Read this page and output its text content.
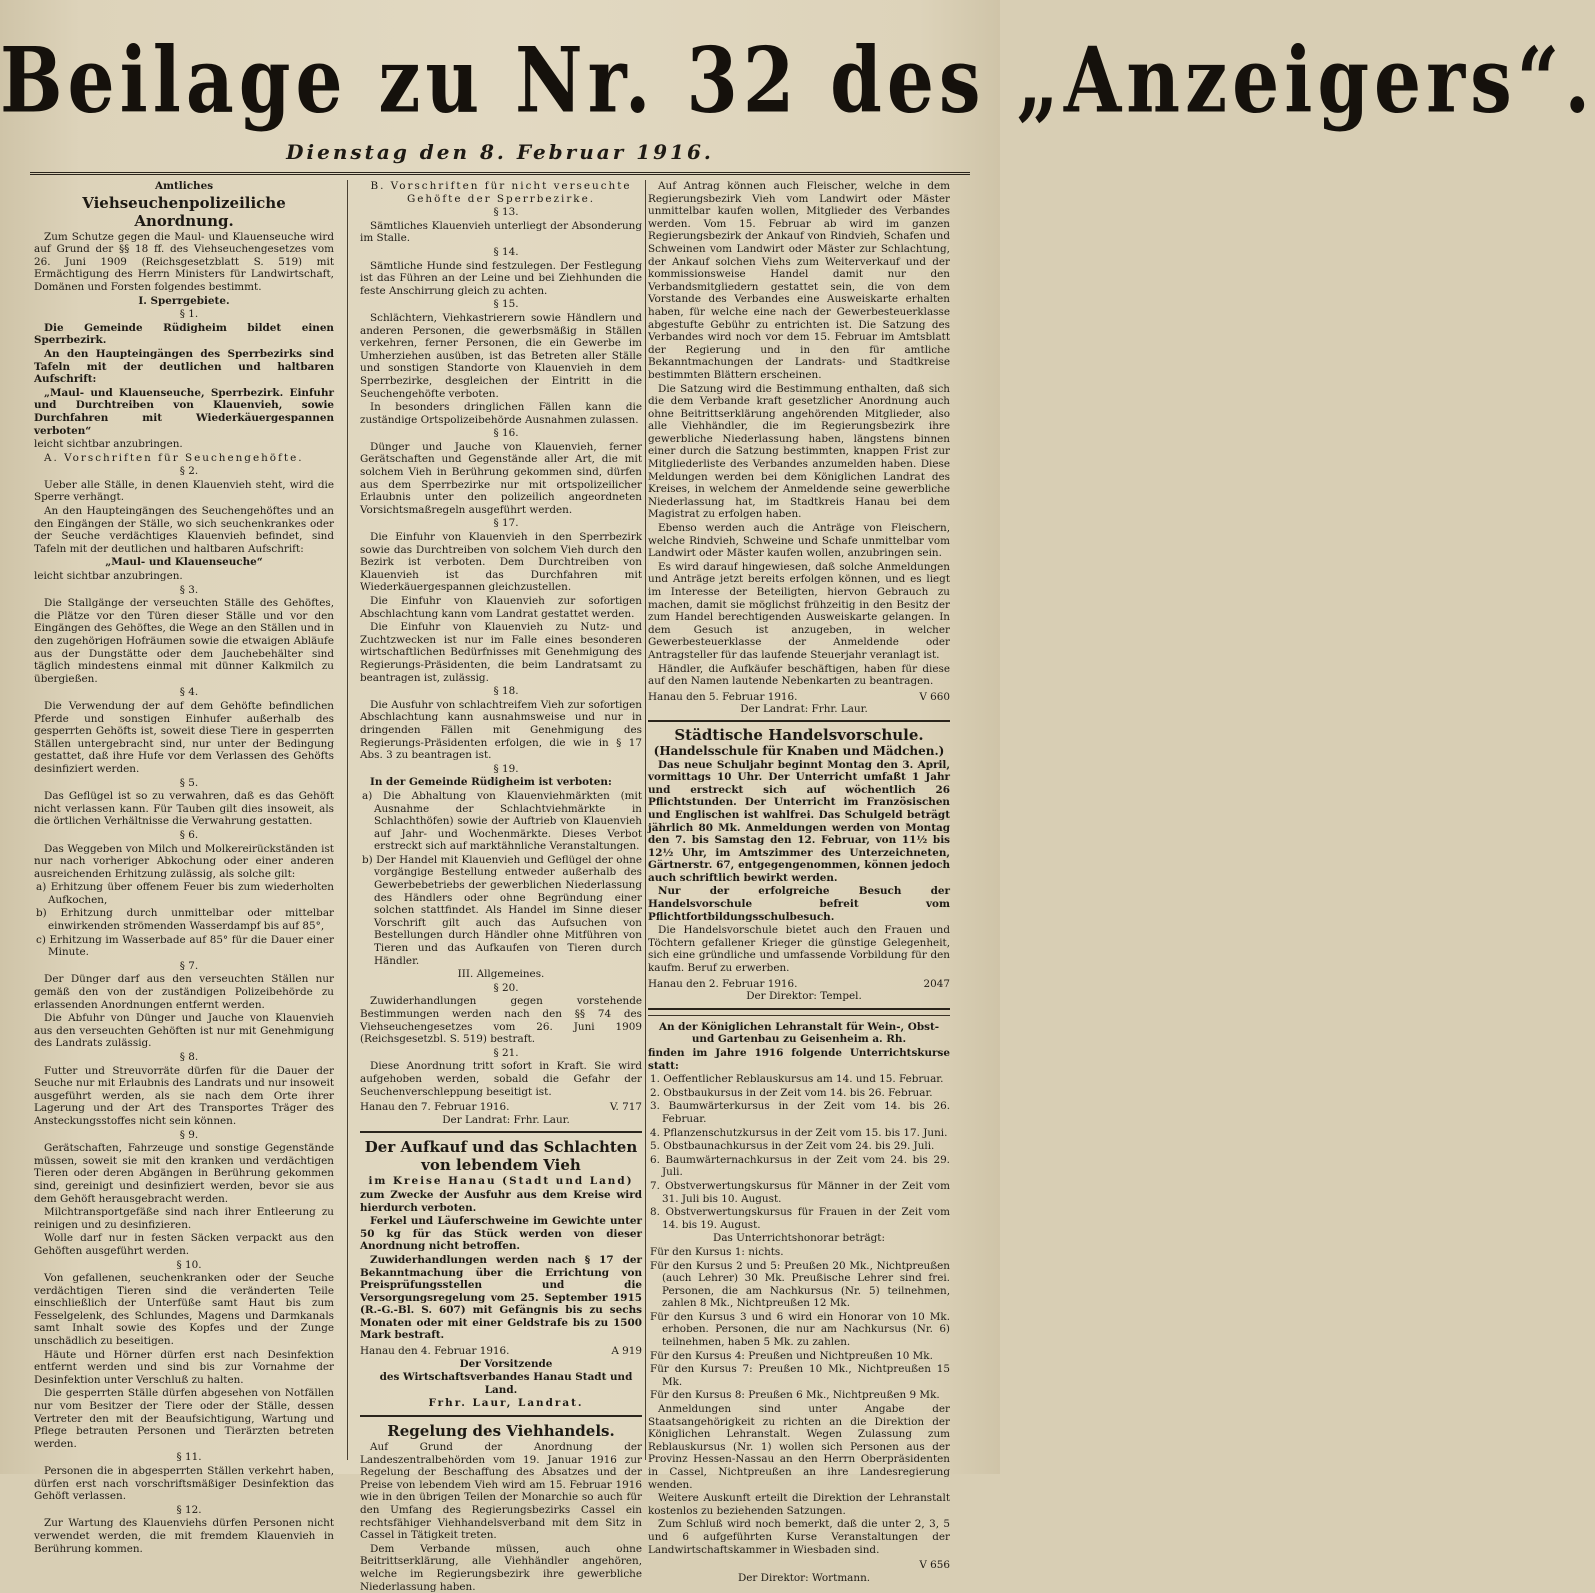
Beilage zu Nr. 32 des „Anzeigers“.
Dienstag den 8. Februar 1916.

Amtliches

Viehseuchenpolizeiliche Anordnung.

Zum Schutze gegen die Maul- und Klauenseuche wird auf Grund der §§ 18 ff. des Viehseuchengesetzes vom 26. Juni 1909 (Reichsgesetzblatt S. 519) mit Ermächtigung des Herrn Ministers für Landwirtschaft, Domänen und Forsten folgendes bestimmt.

I. Sperrgebiete.

§ 1.

Die Gemeinde Rüdigheim bildet einen Sperrbezirk.

An den Haupteingängen des Sperrbezirks sind Tafeln mit der deutlichen und haltbaren Aufschrift:

„Maul- und Klauenseuche, Sperrbezirk. Einfuhr und Durchtreiben von Klauenvieh, sowie Durchfahren mit Wiederkäuergespannen verboten“

leicht sichtbar anzubringen.

A. Vorschriften für Seuchengehöfte.

§ 2.

Ueber alle Ställe, in denen Klauenvieh steht, wird die Sperre verhängt.

An den Haupteingängen des Seuchengehöftes und an den Eingängen der Ställe, wo sich seuchenkrankes oder der Seuche verdächtiges Klauenvieh befindet, sind Tafeln mit der deutlichen und haltbaren Aufschrift:

„Maul- und Klauenseuche“

leicht sichtbar anzubringen.

§ 3.

Die Stallgänge der verseuchten Ställe des Gehöftes, die Plätze vor den Türen dieser Ställe und vor den Eingängen des Gehöftes, die Wege an den Ställen und in den zugehörigen Hofräumen sowie die etwaigen Abläufe aus der Dungstätte oder dem Jauchebehälter sind täglich mindestens einmal mit dünner Kalkmilch zu übergießen.

§ 4.

Die Verwendung der auf dem Gehöfte befindlichen Pferde und sonstigen Einhufer außerhalb des gesperrten Gehöfts ist, soweit diese Tiere in gesperrten Ställen untergebracht sind, nur unter der Bedingung gestattet, daß ihre Hufe vor dem Verlassen des Gehöfts desinfiziert werden.

§ 5.

Das Geflügel ist so zu verwahren, daß es das Gehöft nicht verlassen kann. Für Tauben gilt dies insoweit, als die örtlichen Verhältnisse die Verwahrung gestatten.

§ 6.

Das Weggeben von Milch und Molkereirückständen ist nur nach vorheriger Abkochung oder einer anderen ausreichenden Erhitzung zulässig, als solche gilt:

a) Erhitzung über offenem Feuer bis zum wiederholten Aufkochen,

b) Erhitzung durch unmittelbar oder mittelbar einwirkenden strömenden Wasserdampf bis auf 85°,

c) Erhitzung im Wasserbade auf 85° für die Dauer einer Minute.

§ 7.

Der Dünger darf aus den verseuchten Ställen nur gemäß den von der zuständigen Polizeibehörde zu erlassenden Anordnungen entfernt werden.

Die Abfuhr von Dünger und Jauche von Klauenvieh aus den verseuchten Gehöften ist nur mit Genehmigung des Landrats zulässig.

§ 8.

Futter und Streuvorräte dürfen für die Dauer der Seuche nur mit Erlaubnis des Landrats und nur insoweit ausgeführt werden, als sie nach dem Orte ihrer Lagerung und der Art des Transportes Träger des Ansteckungsstoffes nicht sein können.

§ 9.

Gerätschaften, Fahrzeuge und sonstige Gegenstände müssen, soweit sie mit den kranken und verdächtigen Tieren oder deren Abgängen in Berührung gekommen sind, gereinigt und desinfiziert werden, bevor sie aus dem Gehöft herausgebracht werden.

Milchtransportgefäße sind nach ihrer Entleerung zu reinigen und zu desinfizieren.

Wolle darf nur in festen Säcken verpackt aus den Gehöften ausgeführt werden.

§ 10.

Von gefallenen, seuchenkranken oder der Seuche verdächtigen Tieren sind die veränderten Teile einschließlich der Unterfüße samt Haut bis zum Fesselgelenk, des Schlundes, Magens und Darmkanals samt Inhalt sowie des Kopfes und der Zunge unschädlich zu beseitigen.

Häute und Hörner dürfen erst nach Desinfektion entfernt werden und sind bis zur Vornahme der Desinfektion unter Verschluß zu halten.

Die gesperrten Ställe dürfen abgesehen von Notfällen nur vom Besitzer der Tiere oder der Ställe, dessen Vertreter den mit der Beaufsichtigung, Wartung und Pflege betrauten Personen und Tierärzten betreten werden.

§ 11.

Personen die in abgesperrten Ställen verkehrt haben, dürfen erst nach vorschriftsmäßiger Desinfektion das Gehöft verlassen.

§ 12.

Zur Wartung des Klauenviehs dürfen Personen nicht verwendet werden, die mit fremdem Klauenvieh in Berührung kommen.

B. Vorschriften für nicht verseuchte Gehöfte der Sperrbezirke.

§ 13.

Sämtliches Klauenvieh unterliegt der Absonderung im Stalle.

§ 14.

Sämtliche Hunde sind festzulegen. Der Festlegung ist das Führen an der Leine und bei Ziehhunden die feste Anschirrung gleich zu achten.

§ 15.

Schlächtern, Viehkastrierern sowie Händlern und anderen Personen, die gewerbsmäßig in Ställen verkehren, ferner Personen, die ein Gewerbe im Umherziehen ausüben, ist das Betreten aller Ställe und sonstigen Standorte von Klauenvieh in dem Sperrbezirke, desgleichen der Eintritt in die Seuchengehöfte verboten.

In besonders dringlichen Fällen kann die zuständige Ortspolizeibehörde Ausnahmen zulassen.

§ 16.

Dünger und Jauche von Klauenvieh, ferner Gerätschaften und Gegenstände aller Art, die mit solchem Vieh in Berührung gekommen sind, dürfen aus dem Sperrbezirke nur mit ortspolizeilicher Erlaubnis unter den polizeilich angeordneten Vorsichtsmaßregeln ausgeführt werden.

§ 17.

Die Einfuhr von Klauenvieh in den Sperrbezirk sowie das Durchtreiben von solchem Vieh durch den Bezirk ist verboten. Dem Durchtreiben von Klauenvieh ist das Durchfahren mit Wiederkäuergespannen gleichzustellen.

Die Einfuhr von Klauenvieh zur sofortigen Abschlachtung kann vom Landrat gestattet werden.

Die Einfuhr von Klauenvieh zu Nutz- und Zuchtzwecken ist nur im Falle eines besonderen wirtschaftlichen Bedürfnisses mit Genehmigung des Regierungs-Präsidenten, die beim Landratsamt zu beantragen ist, zulässig.

§ 18.

Die Ausfuhr von schlachtreifem Vieh zur sofortigen Abschlachtung kann ausnahmsweise und nur in dringenden Fällen mit Genehmigung des Regierungs-Präsidenten erfolgen, die wie in § 17 Abs. 3 zu beantragen ist.

§ 19.

In der Gemeinde Rüdigheim ist verboten:

a) Die Abhaltung von Klauenviehmärkten (mit Ausnahme der Schlachtviehmärkte in Schlachthöfen) sowie der Auftrieb von Klauenvieh auf Jahr- und Wochenmärkte. Dieses Verbot erstreckt sich auf marktähnliche Veranstaltungen.

b) Der Handel mit Klauenvieh und Geflügel der ohne vorgängige Bestellung entweder außerhalb des Gewerbebetriebs der gewerblichen Niederlassung des Händlers oder ohne Begründung einer solchen stattfindet. Als Handel im Sinne dieser Vorschrift gilt auch das Aufsuchen von Bestellungen durch Händler ohne Mitführen von Tieren und das Aufkaufen von Tieren durch Händler.

III. Allgemeines.

§ 20.

Zuwiderhandlungen gegen vorstehende Bestimmungen werden nach den §§ 74 des Viehseuchengesetzes vom 26. Juni 1909 (Reichsgesetzbl. S. 519) bestraft.

§ 21.

Diese Anordnung tritt sofort in Kraft. Sie wird aufgehoben werden, sobald die Gefahr der Seuchenverschleppung beseitigt ist.

Hanau den 7. Februar 1916.	V. 717

Der Landrat: Frhr. Laur.

Der Aufkauf und das Schlachten von lebendem Vieh

im Kreise Hanau (Stadt und Land)

zum Zwecke der Ausfuhr aus dem Kreise wird hierdurch verboten.

Ferkel und Läuferschweine im Gewichte unter 50 kg für das Stück werden von dieser Anordnung nicht betroffen.

Zuwiderhandlungen werden nach § 17 der Bekanntmachung über die Errichtung von Preisprüfungsstellen und die Versorgungsregelung vom 25. September 1915 (R.-G.-Bl. S. 607) mit Gefängnis bis zu sechs Monaten oder mit einer Geldstrafe bis zu 1500 Mark bestraft.

Hanau den 4. Februar 1916.	A 919

Der Vorsitzende

des Wirtschaftsverbandes Hanau Stadt und Land.

Frhr. Laur, Landrat.

Regelung des Viehhandels.

Auf Grund der Anordnung der Landeszentralbehörden vom 19. Januar 1916 zur Regelung der Beschaffung des Absatzes und der Preise von lebendem Vieh wird am 15. Februar 1916 wie in den übrigen Teilen der Monarchie so auch für den Umfang des Regierungsbezirks Cassel ein rechtsfähiger Viehhandelsverband mit dem Sitz in Cassel in Tätigkeit treten.

Dem Verbande müssen, auch ohne Beitrittserklärung, alle Viehhändler angehören, welche im Regierungsbezirk ihre gewerbliche Niederlassung haben.

Auf Antrag können auch Fleischer, welche in dem Regierungsbezirk Vieh vom Landwirt oder Mäster unmittelbar kaufen wollen, Mitglieder des Verbandes werden. Vom 15. Februar ab wird im ganzen Regierungsbezirk der Ankauf von Rindvieh, Schafen und Schweinen vom Landwirt oder Mäster zur Schlachtung, der Ankauf solchen Viehs zum Weiterverkauf und der kommissionsweise Handel damit nur den Verbandsmitgliedern gestattet sein, die von dem Vorstande des Verbandes eine Ausweiskarte erhalten haben, für welche eine nach der Gewerbesteuerklasse abgestufte Gebühr zu entrichten ist. Die Satzung des Verbandes wird noch vor dem 15. Februar im Amtsblatt der Regierung und in den für amtliche Bekanntmachungen der Landrats- und Stadtkreise bestimmten Blättern erscheinen.

Die Satzung wird die Bestimmung enthalten, daß sich die dem Verbande kraft gesetzlicher Anordnung auch ohne Beitrittserklärung angehörenden Mitglieder, also alle Viehhändler, die im Regierungsbezirk ihre gewerbliche Niederlassung haben, längstens binnen einer durch die Satzung bestimmten, knappen Frist zur Mitgliederliste des Verbandes anzumelden haben. Diese Meldungen werden bei dem Königlichen Landrat des Kreises, in welchem der Anmeldende seine gewerbliche Niederlassung hat, im Stadtkreis Hanau bei dem Magistrat zu erfolgen haben.

Ebenso werden auch die Anträge von Fleischern, welche Rindvieh, Schweine und Schafe unmittelbar vom Landwirt oder Mäster kaufen wollen, anzubringen sein.

Es wird darauf hingewiesen, daß solche Anmeldungen und Anträge jetzt bereits erfolgen können, und es liegt im Interesse der Beteiligten, hiervon Gebrauch zu machen, damit sie möglichst frühzeitig in den Besitz der zum Handel berechtigenden Ausweiskarte gelangen. In dem Gesuch ist anzugeben, in welcher Gewerbesteuerklasse der Anmeldende oder Antragsteller für das laufende Steuerjahr veranlagt ist.

Händler, die Aufkäufer beschäftigen, haben für diese auf den Namen lautende Nebenkarten zu beantragen.

Hanau den 5. Februar 1916.	V 660

Der Landrat: Frhr. Laur.

Städtische Handelsvorschule.

(Handelsschule für Knaben und Mädchen.)

Das neue Schuljahr beginnt Montag den 3. April, vormittags 10 Uhr. Der Unterricht umfaßt 1 Jahr und erstreckt sich auf wöchentlich 26 Pflichtstunden. Der Unterricht im Französischen und Englischen ist wahlfrei. Das Schulgeld beträgt jährlich 80 Mk. Anmeldungen werden von Montag den 7. bis Samstag den 12. Februar, von 11½ bis 12½ Uhr, im Amtszimmer des Unterzeichneten, Gärtnerstr. 67, entgegengenommen, können jedoch auch schriftlich bewirkt werden.

Nur der erfolgreiche Besuch der Handelsvorschule befreit vom Pflichtfortbildungsschulbesuch.

Die Handelsvorschule bietet auch den Frauen und Töchtern gefallener Krieger die günstige Gelegenheit, sich eine gründliche und umfassende Vorbildung für den kaufm. Beruf zu erwerben.

Hanau den 2. Februar 1916.	2047

Der Direktor: Tempel.

An der Königlichen Lehranstalt für Wein-, Obst- und Gartenbau zu Geisenheim a. Rh.

finden im Jahre 1916 folgende Unterrichtskurse statt:

1. Oeffentlicher Reblauskursus am 14. und 15. Februar.

2. Obstbaukursus in der Zeit vom 14. bis 26. Februar.

3. Baumwärterkursus in der Zeit vom 14. bis 26. Februar.

4. Pflanzenschutzkursus in der Zeit vom 15. bis 17. Juni.

5. Obstbaunachkursus in der Zeit vom 24. bis 29. Juli.

6. Baumwärternachkursus in der Zeit vom 24. bis 29. Juli.

7. Obstverwertungskursus für Männer in der Zeit vom 31. Juli bis 10. August.

8. Obstverwertungskursus für Frauen in der Zeit vom 14. bis 19. August.

Das Unterrichtshonorar beträgt:

Für den Kursus 1: nichts.

Für den Kursus 2 und 5: Preußen 20 Mk., Nichtpreußen (auch Lehrer) 30 Mk. Preußische Lehrer sind frei. Personen, die am Nachkursus (Nr. 5) teilnehmen, zahlen 8 Mk., Nichtpreußen 12 Mk.

Für den Kursus 3 und 6 wird ein Honorar von 10 Mk. erhoben. Personen, die nur am Nachkursus (Nr. 6) teilnehmen, haben 5 Mk. zu zahlen.

Für den Kursus 4: Preußen und Nichtpreußen 10 Mk.

Für den Kursus 7: Preußen 10 Mk., Nichtpreußen 15 Mk.

Für den Kursus 8: Preußen 6 Mk., Nichtpreußen 9 Mk.

Anmeldungen sind unter Angabe der Staatsangehörigkeit zu richten an die Direktion der Königlichen Lehranstalt. Wegen Zulassung zum Reblauskursus (Nr. 1) wollen sich Personen aus der Provinz Hessen-Nassau an den Herrn Oberpräsidenten in Cassel, Nichtpreußen an ihre Landesregierung wenden.

Weitere Auskunft erteilt die Direktion der Lehranstalt kostenlos zu beziehenden Satzungen.

Zum Schluß wird noch bemerkt, daß die unter 2, 3, 5 und 6 aufgeführten Kurse Veranstaltungen der Landwirtschaftskammer in Wiesbaden sind.

V 656

Der Direktor: Wortmann.
